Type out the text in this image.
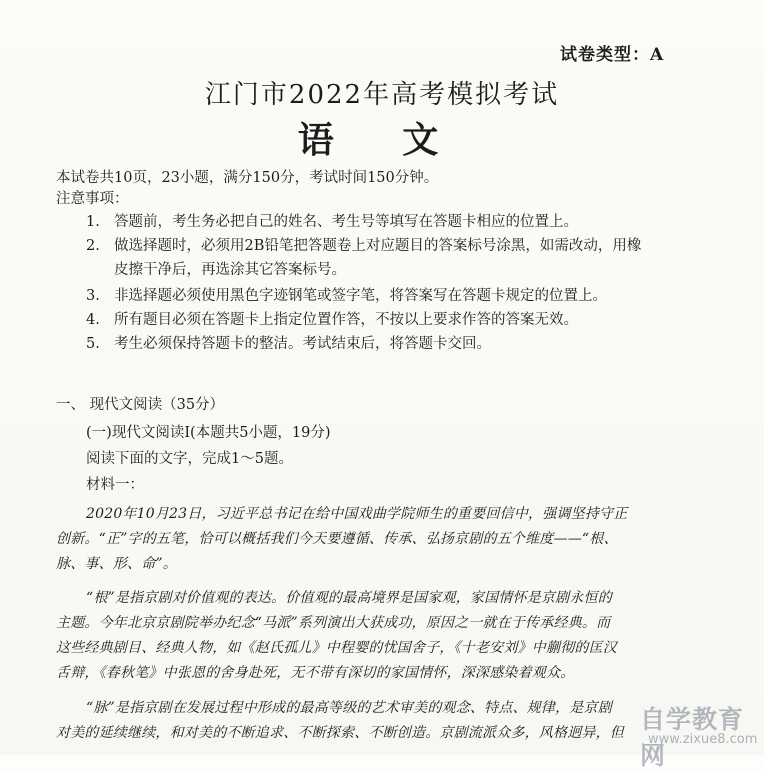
试卷类型：A
江门市2022年高考模拟考试
语 文
本试卷共10页，23小题，满分150分，考试时间150分钟。
注意事项：
1. 答题前，考生务必把自己的姓名、考生号等填写在答题卡相应的位置上。
2. 做选择题时，必须用2B铅笔把答题卷上对应题目的答案标号涂黑，如需改动，用橡
皮擦干净后，再选涂其它答案标号。
3. 非选择题必须使用黑色字迹钢笔或签字笔，将答案写在答题卡规定的位置上。
4. 所有题目必须在答题卡上指定位置作答，不按以上要求作答的答案无效。
5. 考生必须保持答题卡的整洁。考试结束后，将答题卡交回。
一、 现代文阅读（35分）
(一)现代文阅读Ⅰ(本题共5小题，19分)
阅读下面的文字，完成1～5题。
材料一：
2020年10月23日，习近平总书记在给中国戏曲学院师生的重要回信中，强调坚持守正
创新。“正”字的五笔，恰可以概括我们今天要遵循、传承、弘扬京剧的五个维度——“根、
脉、事、形、命”。
“根”是指京剧对价值观的表达。价值观的最高境界是国家观，家国情怀是京剧永恒的
主题。今年北京京剧院举办纪念“马派”系列演出大获成功，原因之一就在于传承经典。而
这些经典剧目、经典人物，如《赵氏孤儿》中程婴的忧国舍子，《十老安刘》中蒯彻的匡汉
舌辩，《春秋笔》中张恩的舍身赴死，无不带有深切的家国情怀，深深感染着观众。
“脉”是指京剧在发展过程中形成的最高等级的艺术审美的观念、特点、规律，是京剧
对美的延续继续，和对美的不断追求、不断探索、不断创造。京剧流派众多，风格迥异，但 自学教育网
www.zixue8.com
